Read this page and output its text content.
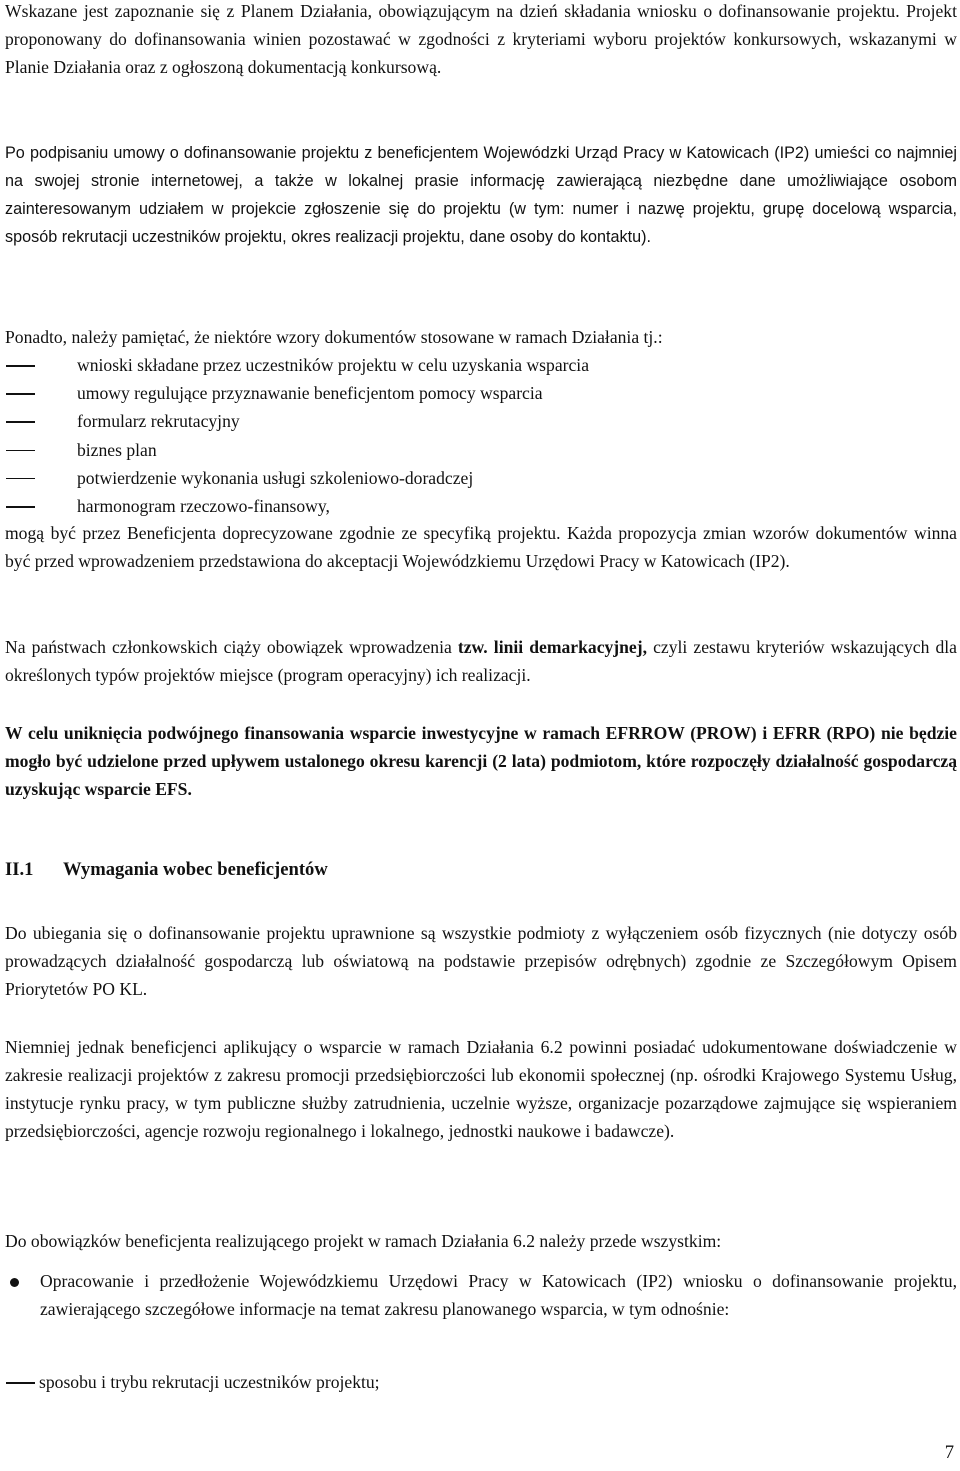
Wskazane jest zapoznanie się z Planem Działania, obowiązującym na dzień składania wniosku o dofinansowanie projektu. Projekt proponowany do dofinansowania winien pozostawać w zgodności z kryteriami wyboru projektów konkursowych, wskazanymi w Planie Działania oraz z ogłoszoną dokumentacją konkursową.

Po podpisaniu umowy o dofinansowanie projektu z beneficjentem Wojewódzki Urząd Pracy w Katowicach (IP2) umieści co najmniej na swojej stronie internetowej, a także w lokalnej prasie informację zawierającą niezbędne dane umożliwiające osobom zainteresowanym udziałem w projekcie zgłoszenie się do projektu (w tym: numer i nazwę projektu, grupę docelową wsparcia, sposób rekrutacji uczestników projektu, okres realizacji projektu, dane osoby do kontaktu).

Ponadto, należy pamiętać, że niektóre wzory dokumentów stosowane w ramach Działania tj.:

wnioski składane przez uczestników projektu w celu uzyskania wsparcia
umowy regulujące przyznawanie beneficjentom pomocy wsparcia
formularz rekrutacyjny
biznes plan
potwierdzenie wykonania usługi szkoleniowo-doradczej
harmonogram rzeczowo-finansowy,

mogą być przez Beneficjenta doprecyzowane zgodnie ze specyfiką projektu. Każda propozycja zmian wzorów dokumentów winna być przed wprowadzeniem przedstawiona do akceptacji Wojewódzkiemu Urzędowi Pracy w Katowicach (IP2).

Na państwach członkowskich ciąży obowiązek wprowadzenia tzw. linii demarkacyjnej, czyli zestawu kryteriów wskazujących dla określonych typów projektów miejsce (program operacyjny) ich realizacji.

W celu uniknięcia podwójnego finansowania wsparcie inwestycyjne w ramach EFRROW (PROW) i EFRR (RPO) nie będzie mogło być udzielone przed upływem ustalonego okresu karencji (2 lata) podmiotom, które rozpoczęły działalność gospodarczą uzyskując wsparcie EFS.

II.1 Wymagania wobec beneficjentów

Do ubiegania się o dofinansowanie projektu uprawnione są wszystkie podmioty z wyłączeniem osób fizycznych (nie dotyczy osób prowadzących działalność gospodarczą lub oświatową na podstawie przepisów odrębnych) zgodnie ze Szczegółowym Opisem Priorytetów PO KL.

Niemniej jednak beneficjenci aplikujący o wsparcie w ramach Działania 6.2 powinni posiadać udokumentowane doświadczenie w zakresie realizacji projektów z zakresu promocji przedsiębiorczości lub ekonomii społecznej (np. ośrodki Krajowego Systemu Usług, instytucje rynku pracy, w tym publiczne służby zatrudnienia, uczelnie wyższe, organizacje pozarządowe zajmujące się wspieraniem przedsiębiorczości, agencje rozwoju regionalnego i lokalnego, jednostki naukowe i badawcze).

Do obowiązków beneficjenta realizującego projekt w ramach Działania 6.2 należy przede wszystkim:

Opracowanie i przedłożenie Wojewódzkiemu Urzędowi Pracy w Katowicach (IP2) wniosku o dofinansowanie projektu, zawierającego szczegółowe informacje na temat zakresu planowanego wsparcia, w tym odnośnie:

sposobu i trybu rekrutacji uczestników projektu;

7
